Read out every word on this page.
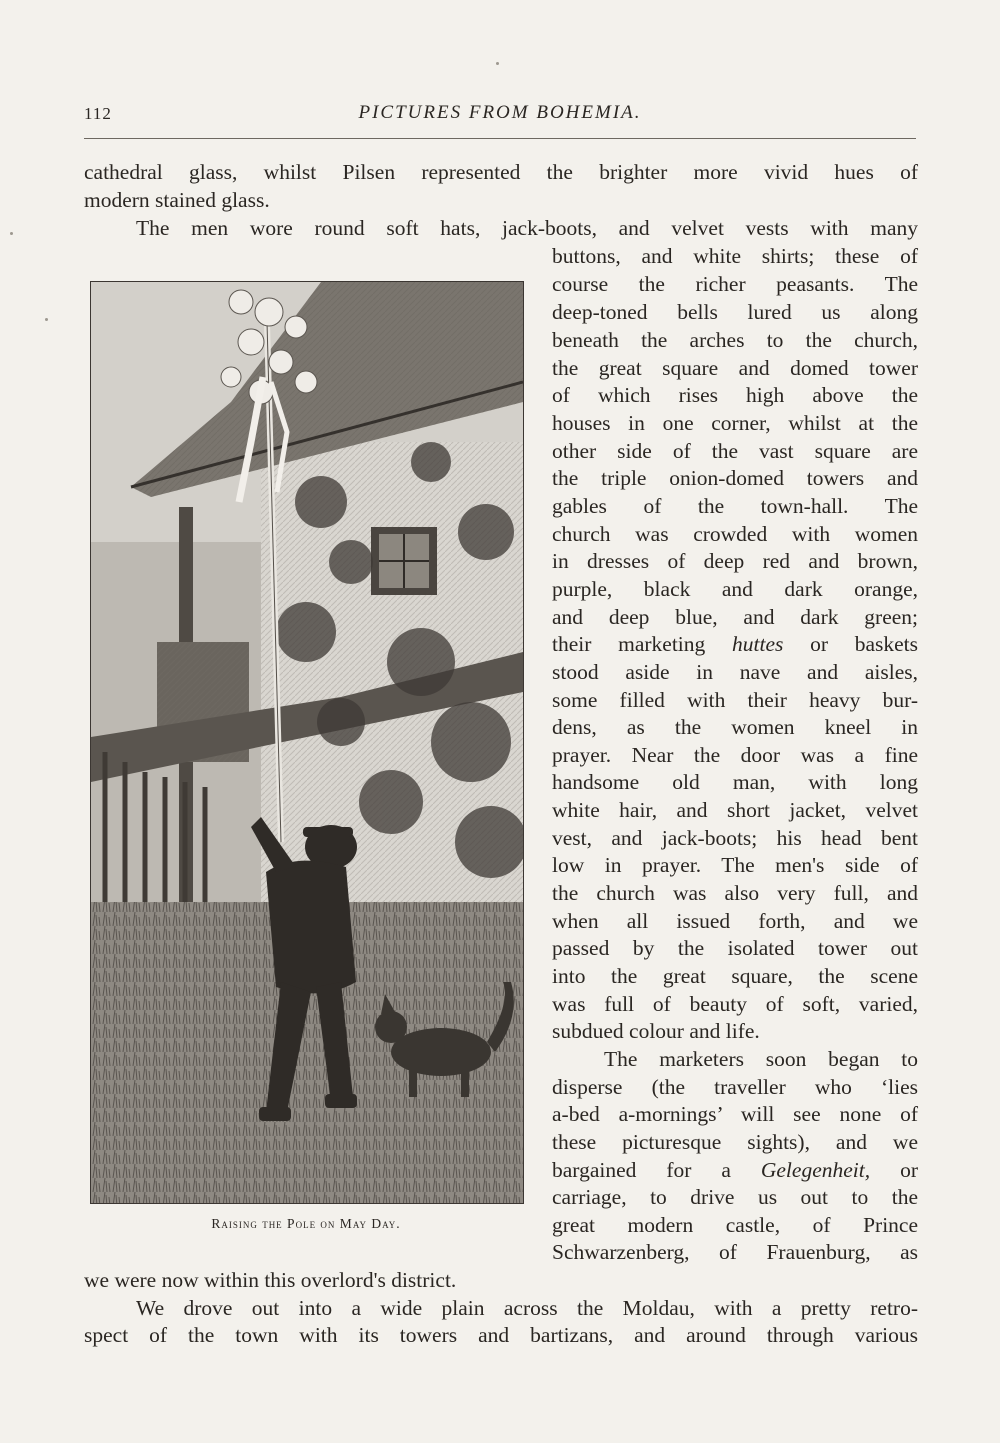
112	PICTURES FROM BOHEMIA.
cathedral glass, whilst Pilsen represented the brighter more vivid hues of
modern stained glass.
The men wore round soft hats, jack-boots, and velvet vests with many
buttons, and white shirts; these of
course the richer peasants. The
deep-toned bells lured us along
beneath the arches to the church,
the great square and domed tower
of which rises high above the
houses in one corner, whilst at the
other side of the vast square are
the triple onion-domed towers and
gables of the town-hall. The
church was crowded with women
in dresses of deep red and brown,
purple, black and dark orange,
and deep blue, and dark green;
their marketing huttes or baskets
stood aside in nave and aisles,
some filled with their heavy bur-
dens, as the women kneel in
prayer. Near the door was a fine
handsome old man, with long
white hair, and short jacket, velvet
vest, and jack-boots; his head bent
low in prayer. The men's side of
the church was also very full, and
when all issued forth, and we
passed by the isolated tower out
into the great square, the scene
was full of beauty of soft, varied,
subdued colour and life.
The marketers soon began to
disperse (the traveller who ‘lies
a-bed a-mornings’ will see none of
these picturesque sights), and we
bargained for a Gelegenheit, or
carriage, to drive us out to the
great modern castle, of Prince
Schwarzenberg, of Frauenburg, as
we were now within this overlord's district.
We drove out into a wide plain across the Moldau, with a pretty retro-
spect of the town with its towers and bartizans, and around through various
Raising the Pole on May Day.
